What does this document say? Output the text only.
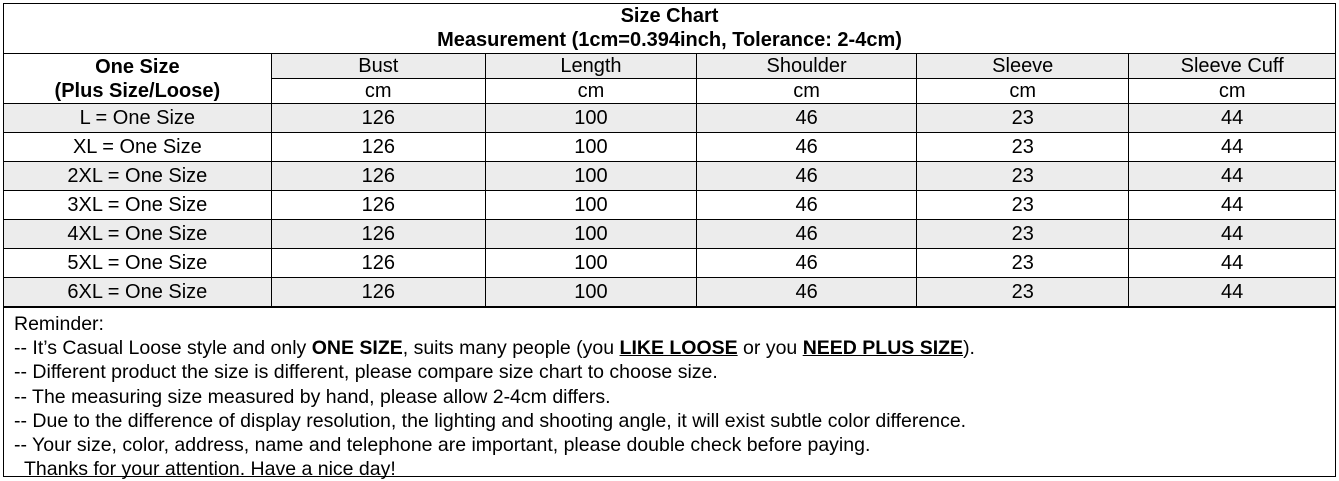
Size Chart
Measurement (1cm=0.394inch, Tolerance: 2-4cm)
One Size
(Plus Size/Loose)	Bust	Length	Shoulder	Sleeve	Sleeve Cuff
	cm	cm	cm	cm	cm
L = One Size	126	100	46	23	44
XL = One Size	126	100	46	23	44
2XL = One Size	126	100	46	23	44
3XL = One Size	126	100	46	23	44
4XL = One Size	126	100	46	23	44
5XL = One Size	126	100	46	23	44
6XL = One Size	126	100	46	23	44
Reminder:
-- It’s Casual Loose style and only ONE SIZE, suits many people (you LIKE LOOSE or you NEED PLUS SIZE).
-- Different product the size is different, please compare size chart to choose size.
-- The measuring size measured by hand, please allow 2-4cm differs.
-- Due to the difference of display resolution, the lighting and shooting angle, it will exist subtle color difference.
-- Your size, color, address, name and telephone are important, please double check before paying.
Thanks for your attention. Have a nice day!
